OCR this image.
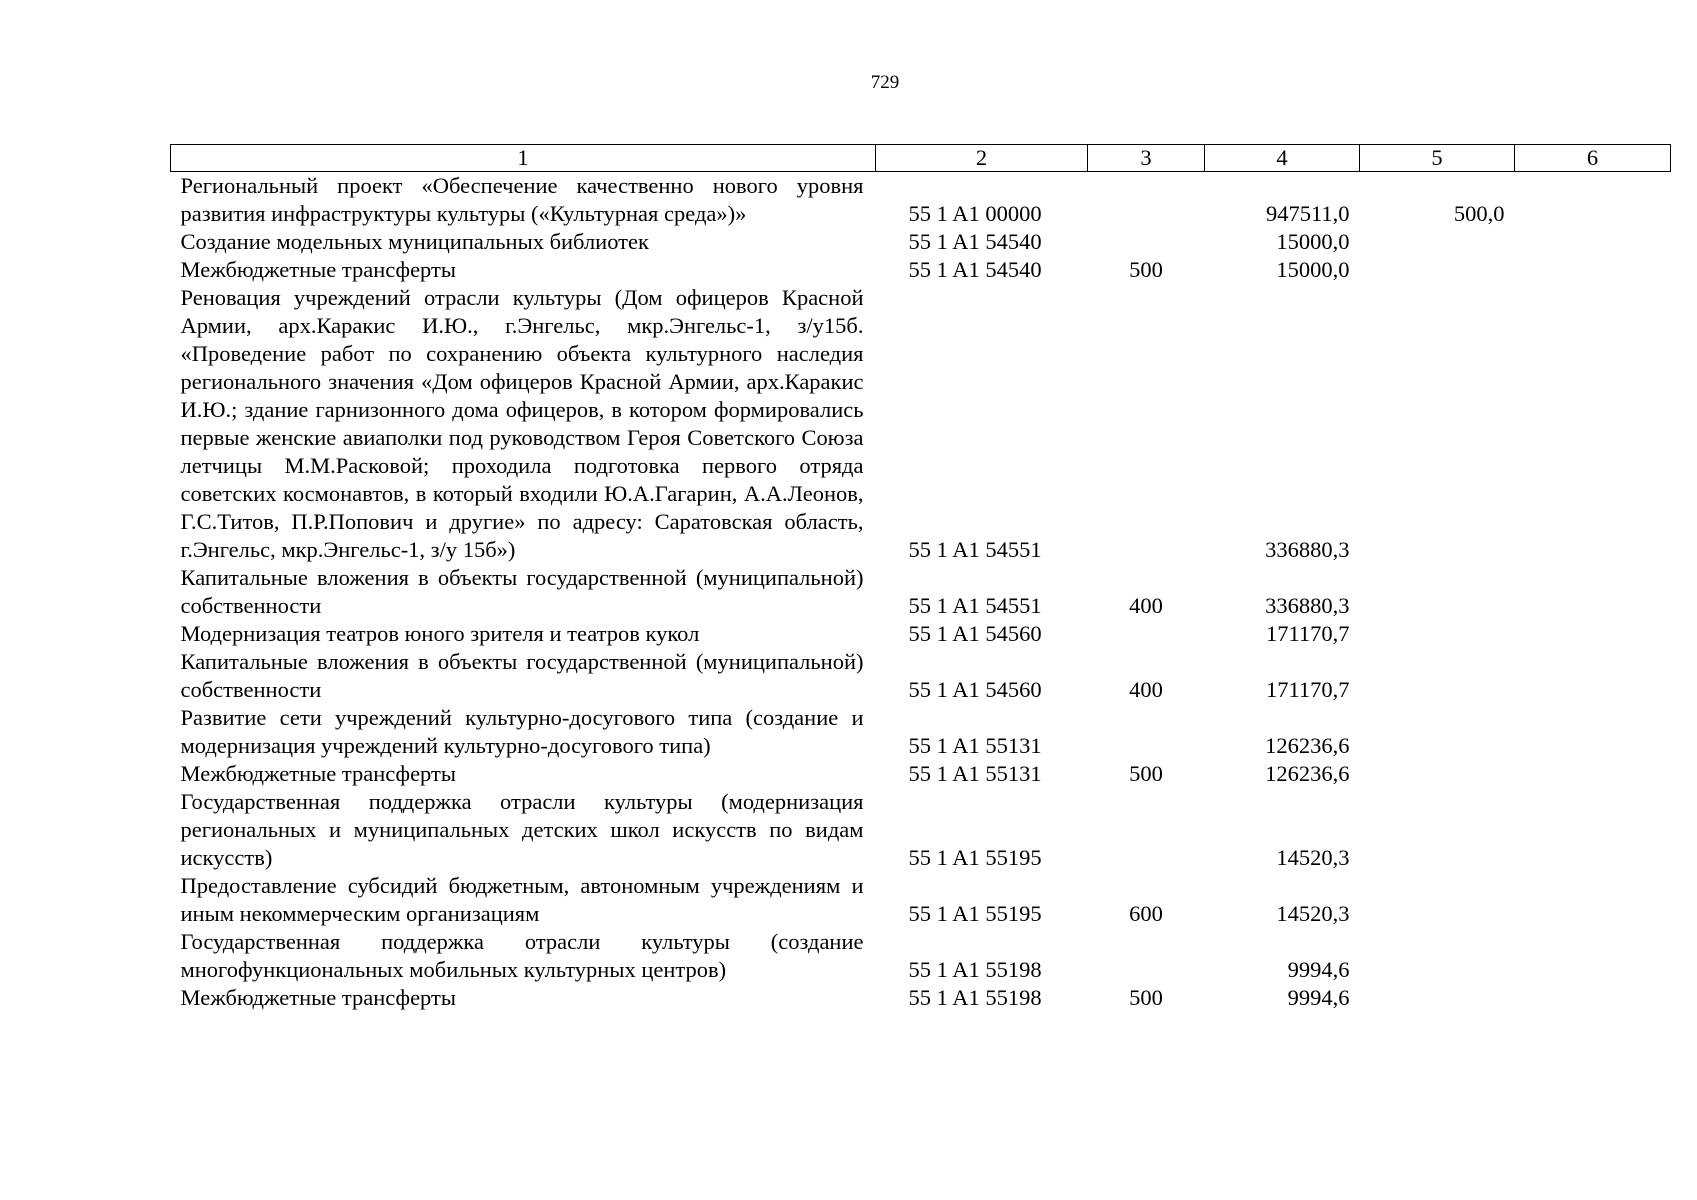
729
1	2	3	4	5	6
Региональный проект «Обеспечение качественно нового уровня развития инфраструктуры культуры («Культурная среда»)»	55 1 A1 00000		947511,0	500,0	
Создание модельных муниципальных библиотек	55 1 A1 54540		15000,0		
Межбюджетные трансферты	55 1 A1 54540	500	15000,0		
Реновация учреждений отрасли культуры (Дом офицеров Красной Армии, арх.Каракис И.Ю., г.Энгельс, мкр.Энгельс-1, з/у15б. «Проведение работ по сохранению объекта культурного наследия регионального значения «Дом офицеров Красной Армии, арх.Каракис И.Ю.; здание гарнизонного дома офицеров, в котором формировались первые женские авиаполки под руководством Героя Советского Союза летчицы М.М.Расковой; проходила подготовка первого отряда советских космонавтов, в который входили Ю.А.Гагарин, А.А.Леонов, Г.С.Титов, П.Р.Попович и другие» по адресу: Саратовская область, г.Энгельс, мкр.Энгельс-1, з/у 15б»)	55 1 A1 54551		336880,3		
Капитальные вложения в объекты государственной (муниципальной) собственности	55 1 A1 54551	400	336880,3		
Модернизация театров юного зрителя и театров кукол	55 1 A1 54560		171170,7		
Капитальные вложения в объекты государственной (муниципальной) собственности	55 1 A1 54560	400	171170,7		
Развитие сети учреждений культурно-досугового типа (создание и модернизация учреждений культурно-досугового типа)	55 1 A1 55131		126236,6		
Межбюджетные трансферты	55 1 A1 55131	500	126236,6		
Государственная поддержка отрасли культуры (модернизация региональных и муниципальных детских школ искусств по видам искусств)	55 1 A1 55195		14520,3		
Предоставление субсидий бюджетным, автономным учреждениям и иным некоммерческим организациям	55 1 A1 55195	600	14520,3		
Государственная поддержка отрасли культуры (создание многофункциональных мобильных культурных центров)	55 1 A1 55198		9994,6		
Межбюджетные трансферты	55 1 A1 55198	500	9994,6		
